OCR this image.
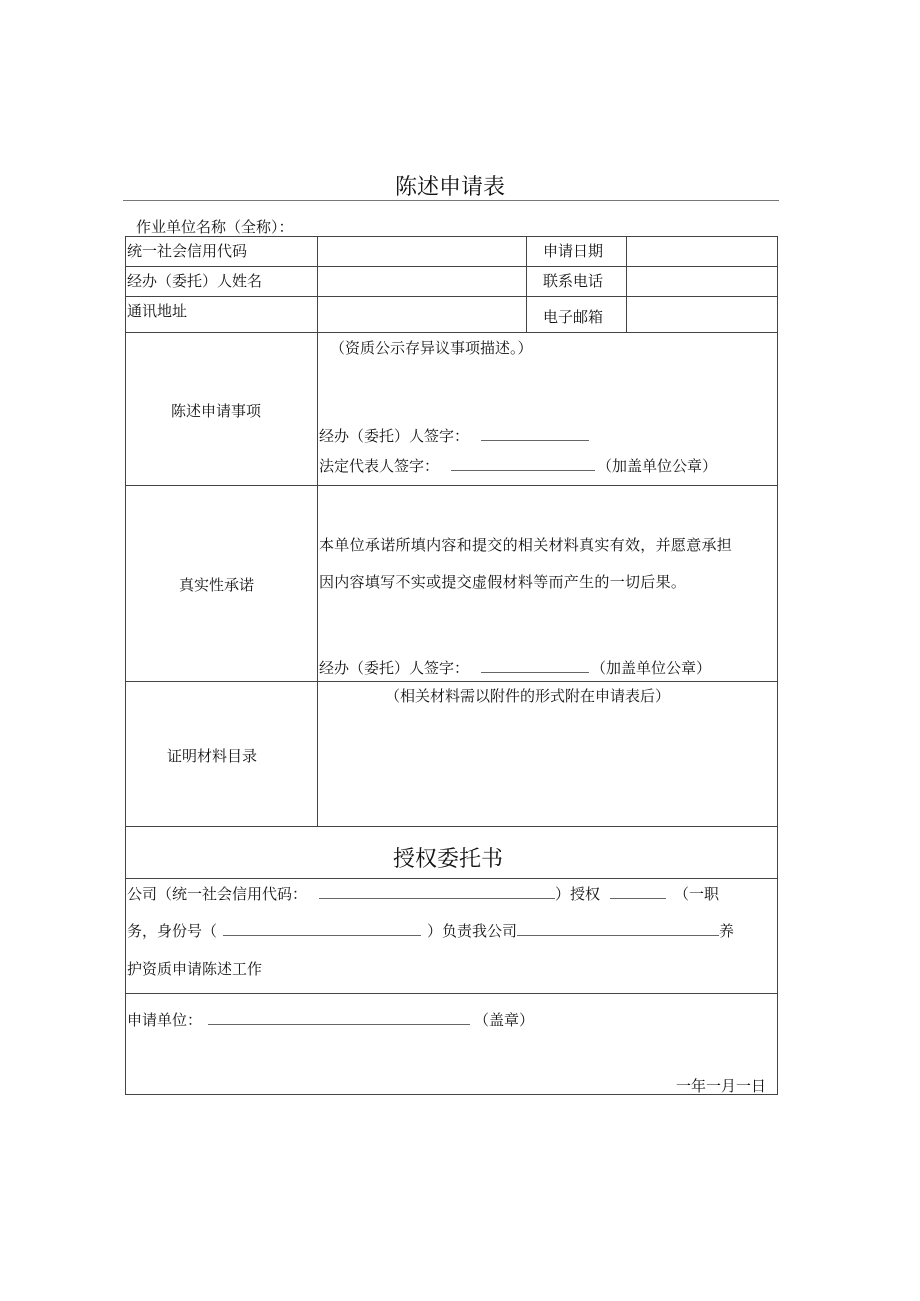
陈述申请表
作业单位名称（全称）：
统一社会信用代码	申请日期
经办（委托）人姓名	联系电话
通讯地址	电子邮箱
陈述申请事项
（资质公示存异议事项描述。）
经办（委托）人签字：
法定代表人签字：	（加盖单位公章）
真实性承诺
本单位承诺所填内容和提交的相关材料真实有效，并愿意承担
因内容填写不实或提交虚假材料等而产生的一切后果。
经办（委托）人签字：	（加盖单位公章）
证明材料目录
（相关材料需以附件的形式附在申请表后）
授权委托书
公司（统一社会信用代码：	）授权	（一职
务，身份号（	）负责我公司	养
护资质申请陈述工作
申请单位：	（盖章）
一年一月一日
